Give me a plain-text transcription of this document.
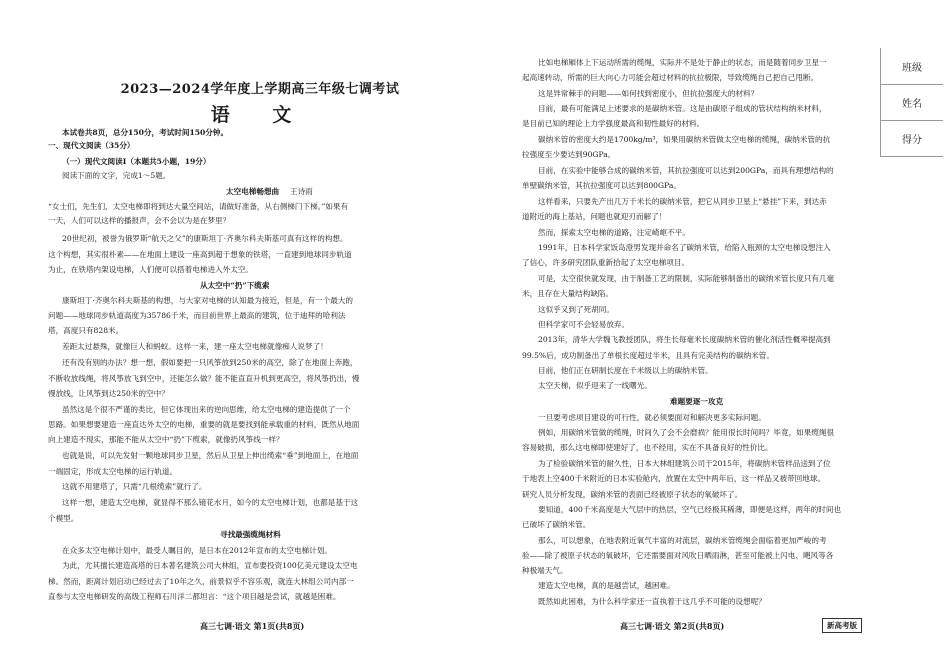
2023—2024学年度上学期高三年级七调考试
语 文
本试卷共8页，总分150分，考试时间150分钟。
一、现代文阅读（35分）
（一）现代文阅读Ⅰ（本题共5小题，19分）
阅读下面的文字，完成1～5题。
太空电梯畅想曲 王诗雨
“女士们，先生们，太空电梯即将到达大量空间站，请做好准备，从右侧梯门下梯。”如果有
一天，人们可以这样的播报声，会不会以为是在梦里？
20世纪初，被誉为俄罗斯“航天之父”的康斯坦丁·齐奥尔科夫斯基可真有这样的构想。
这个构想，其实很朴素——在地面上建设一座高到超于想象的铁塔，一直建到地球同步轨道
为止，在铁塔内架设电梯，人们便可以搭着电梯进入外太空。
从太空中“扔”下缆索
康斯坦丁·齐奥尔科夫斯基的构想，与大家对电梯的认知最为接近，但是，有一个最大的
问题——地球同步轨道高度为35786千米，而目前世界上最高的建筑，位于迪拜的哈利法
塔，高度只有828米。
差距太过悬殊，就像巨人和蚂蚁。这样一来，建一座太空电梯就像痴人说梦了！
还有没有别的办法？想一想，假如要把一只风筝放到250米的高空，除了在地面上奔跑，
不断收放线绳，将风筝放飞到空中，还能怎么做？能不能直直升机到更高空，将风筝扔出，慢
慢放线，让风筝到达250米的空中？
虽然这是个很不严谨的类比，但它体现出来的逆向思维，给太空电梯的建造提供了一个
思路。如果想要建造一座直达外太空的电梯，重要的就是要找到能承载重的材料，既然从地面
向上建造不现实，那能不能从太空中“扔”下缆索，就像扔风筝线一样？
也就是说，可以先发射一颗地球同步卫星，然后从卫星上伸出缆索“垂”到地面上，在地面
一端固定，形成太空电梯的运行轨道。
这就不用建塔了，只需“几根缆索”就行了。
这样一想，建造太空电梯，就显得不那么镜花水月，如今的太空电梯计划，也都是基于这
个模型。
寻找最强缆绳材料
在众多太空电梯计划中，最受人瞩目的，是日本在2012年宣布的太空电梯计划。
为此，尤其擅长建造高塔的日本著名建筑公司大林组，宣布要投资100亿美元建设太空电
梯。然而，距离计划启动已经过去了10年之久，前景似乎不容乐观，就连大林组公司内部一
直参与太空电梯研发的高级工程师石川洋二都坦言：“这个项目越是尝试，就越是困难。
高三七调·语文 第1页(共8页)
比如电梯厢体上下运动所需的缆绳，实际并不是处于静止的状态，而是随着同步卫星一
起高速转动，所需的巨大向心力可能会超过材料的抗拉极限，导致缆绳自己把自己甩断。
这是异常棘手的问题——如何找到密度小，但抗拉强度大的材料？
目前，最有可能满足上述要求的是碳纳米管。这是由碳原子组成的管状结构纳米材料，
是目前已知的理论上力学强度最高和韧性最好的材料。
碳纳米管的密度大约是1700kg/m³，如果用碳纳米管做太空电梯的缆绳，碳纳米管的抗
拉强度至少要达到90GPa。
目前，在实验中能够合成的碳纳米管，其抗拉强度可以达到200GPa，而具有理想结构的
单壁碳纳米管，其抗拉强度可以达到800GPa。
这样看来，只要先产出几万千米长的碳纳米管，把它从同步卫星上“悬挂”下来，到达赤
道附近的海上基站，问题也就迎刃而解了！
然而，探索太空电梯的道路，注定崎岖不平。
1991年，日本科学家饭岛澄男发现并命名了碳纳米管，给陷入瓶颈的太空电梯设想注入
了信心，许多研究团队重新拾起了太空电梯项目。
可是，太空很快就发现，由于制备工艺的限制，实际能够制备出的碳纳米管长度只有几毫
米，且存在大量结构缺陷。
这似乎又到了死胡同。
但科学家可不会轻易放弃。
2013年，清华大学魏飞教授团队，将生长每毫米长度碳纳米管的催化剂活性概率提高到
99.5%后，成功制备出了单根长度超过半米，且具有完美结构的碳纳米管。
目前，他们正在研制长度在千米级以上的碳纳米管。
太空天梯，似乎迎来了一线曙光。
难题要逐一攻克
一旦要考虑项目建设的可行性，就必须要面对和解决更多实际问题。
例如，用碳纳米管做的缆绳，时间久了会不会磨损？能用很长时间吗？毕竟，如果缆绳很
容易破损，那么这电梯即使建好了，也不经用，实在不具备良好的性价比。
为了检验碳纳米管的耐久性，日本大林组建筑公司于2015年，将碳纳米管样品送到了位
于地表上空400千米附近的日本实验舱内，放置在太空中两年后，这一样品又被带回地球。
研究人员分析发现，碳纳米管的表面已经被原子状态的氧破坏了。
要知道，400千米高度是大气层中的热层，空气已经极其稀薄，即便是这样，两年的时间也
已破坏了碳纳米管。
那么，可以想象，在地表附近氧气丰富的对流层，碳纳米管缆绳会面临着更加严峻的考
验——除了被原子状态的氧破坏，它还需要面对风吹日晒雨淋，甚至可能被上闪电、飓风等各
种极端天气。
建造太空电梯，真的是越尝试，越困难。
既然如此困难，为什么科学家还一直执着于这几乎不可能的设想呢？
高三七调·语文 第2页(共8页)	新高考版
班级
姓名
得分
